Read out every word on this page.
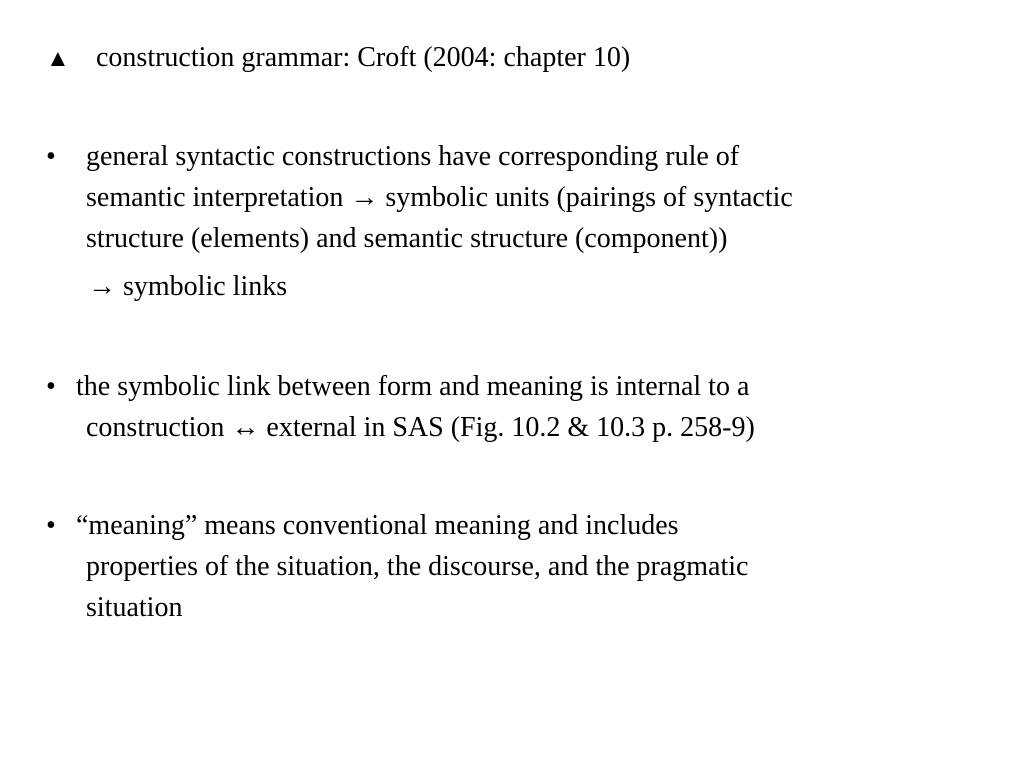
▲ construction grammar: Croft (2004: chapter 10)
•	general syntactic constructions have corresponding rule of

semantic interpretation → symbolic units (pairings of syntactic

structure (elements) and semantic structure (component))

→ symbolic links

• the symbolic link between form and meaning is internal to a

construction ↔ external in SAS (Fig. 10.2 & 10.3 p. 258-9)

• “meaning” means conventional meaning and includes

properties of the situation, the discourse, and the pragmatic

situation
